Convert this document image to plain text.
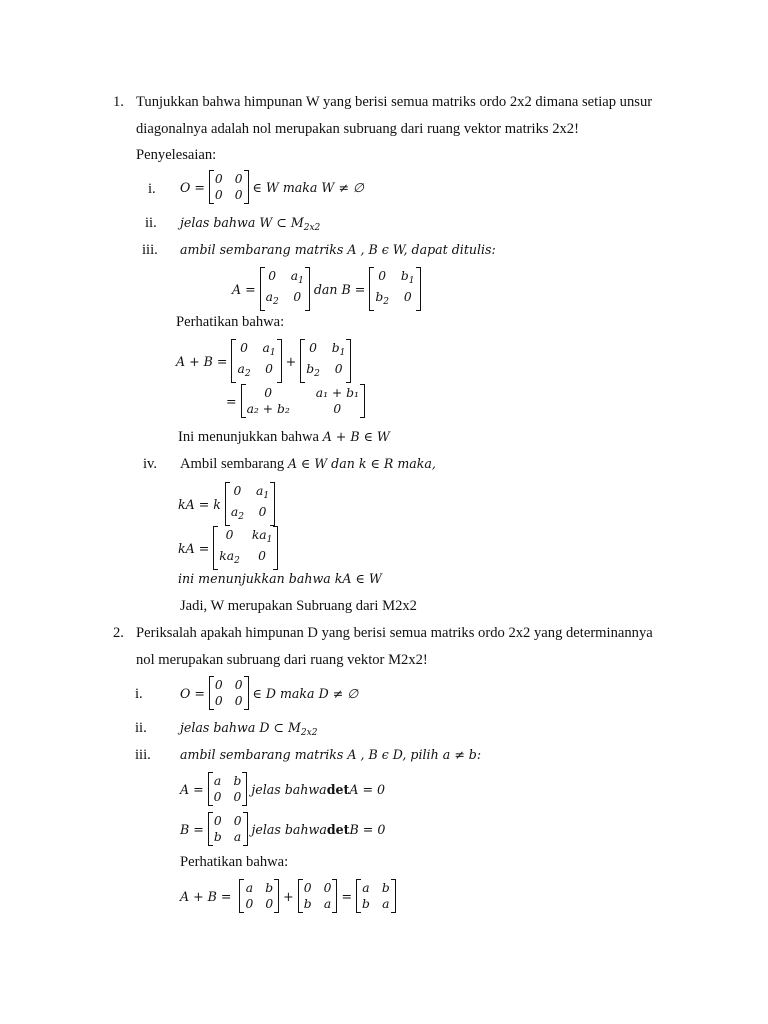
1. Tunjukkan bahwa himpunan W yang berisi semua matriks ordo 2x2 dimana setiap unsur
diagonalnya adalah nol merupakan subruang dari ruang vektor matriks 2x2!
Penyelesaian:
i. O =
0 0
0 0
∈ W maka W ≠ ∅
ii. jelas bahwa W ⊂ $M_{2x2}$
iii. ambil sembarang matriks A , B ϵ W, dapat ditulis:
A =
0 $a_1$
$a_2$ 0
dan B =
0 $b_1$
$b_2$ 0
Perhatikan bahwa:
A + B =
0 $a_1$
$a_2$ 0
+
0 $b_1$
$b_2$ 0
=
0	a₁ + b₁
a₂ + b₂	0
Ini menunjukkan bahwa A + B ∈ W
iv. Ambil sembarang A ∈ W dan k ∈ R maka,
kA = k
0 $a_1$
$a_2$ 0
kA =
0	$ka_1$
$ka_2$	0
ini menunjukkan bahwa kA ∈ W
Jadi, W merupakan Subruang dari M2x2
2. Periksalah apakah himpunan D yang berisi semua matriks ordo 2x2 yang determinannya
nol merupakan subruang dari ruang vektor M2x2!
i.	O =
0 0
0 0
∈ D maka D ≠ ∅
ii.	jelas bahwa D ⊂ $M_{2x2}$
iii. ambil sembarang matriks A , B ϵ D, pilih a ≠ b:
A =
a b
0 0
jelas bahwa det A = 0
B =
0 0
b a
jelas bahwa det B = 0
Perhatikan bahwa:
A + B =
a b
0 0
+
0 0
b a
=
a b
b a
